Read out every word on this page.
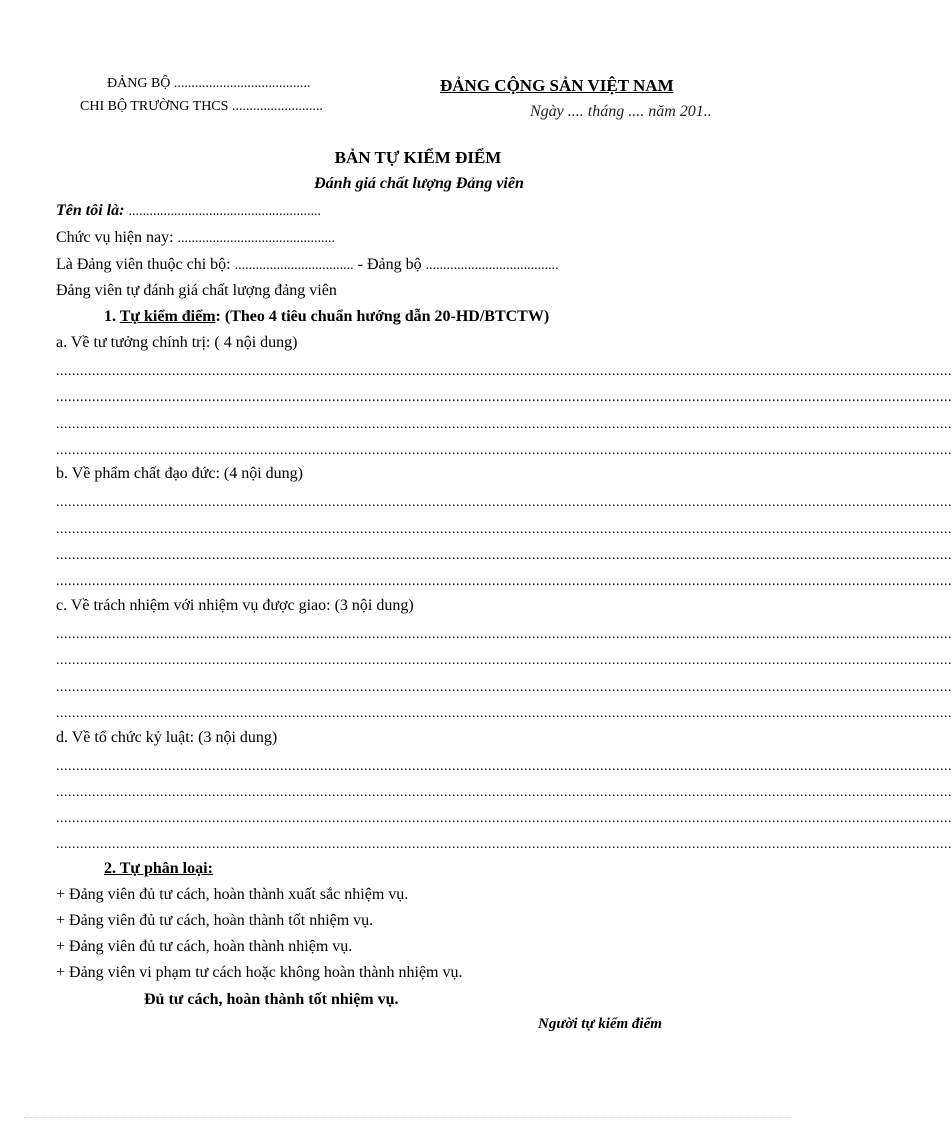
ĐẢNG BỘ .......................................
CHI BỘ TRƯỜNG THCS ..........................
ĐẢNG CỘNG SẢN VIỆT NAM
Ngày .... tháng .... năm 201..
BẢN TỰ KIỂM ĐIỂM
Đánh giá chất lượng Đảng viên
Tên tôi là: .......................................................
Chức vụ hiện nay: .............................................
Là Đảng viên thuộc chi bộ: .................................. - Đảng bộ ......................................
Đảng viên tự đánh giá chất lượng đảng viên
1. Tự kiểm điểm: (Theo 4 tiêu chuẩn hướng dẫn 20-HD/BTCTW)
a. Về tư tưởng chính trị: ( 4 nội dung)
................................................................................................................................................................................................................................
................................................................................................................................................................................................................................
................................................................................................................................................................................................................................
................................................................................................................................................................................................................................
b. Về phẩm chất đạo đức: (4 nội dung)
................................................................................................................................................................................................................................
................................................................................................................................................................................................................................
................................................................................................................................................................................................................................
................................................................................................................................................................................................................................
c. Về trách nhiệm với nhiệm vụ được giao: (3 nội dung)
................................................................................................................................................................................................................................
................................................................................................................................................................................................................................
................................................................................................................................................................................................................................
................................................................................................................................................................................................................................
d. Về tổ chức kỷ luật: (3 nội dung)
................................................................................................................................................................................................................................
................................................................................................................................................................................................................................
................................................................................................................................................................................................................................
................................................................................................................................................................................................................................
2. Tự phân loại:
+ Đảng viên đủ tư cách, hoàn thành xuất sắc nhiệm vụ.
+ Đảng viên đủ tư cách, hoàn thành tốt nhiệm vụ.
+ Đảng viên đủ tư cách, hoàn thành nhiệm vụ.
+ Đảng viên vi phạm tư cách hoặc không hoàn thành nhiệm vụ.
Đủ tư cách, hoàn thành tốt nhiệm vụ.
Người tự kiểm điểm
